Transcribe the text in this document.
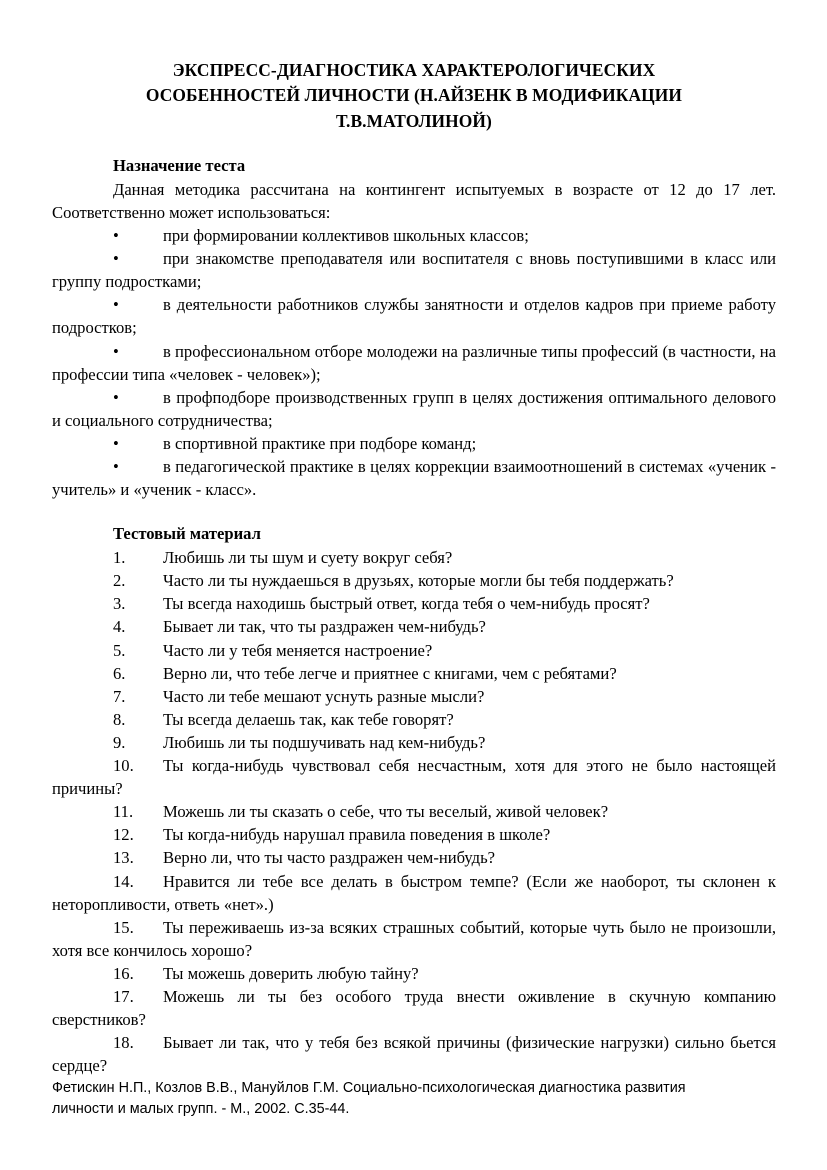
ЭКСПРЕСС-ДИАГНОСТИКА ХАРАКТЕРОЛОГИЧЕСКИХ
ОСОБЕННОСТЕЙ ЛИЧНОСТИ (Н.АЙЗЕНК В МОДИФИКАЦИИ
Т.В.МАТОЛИНОЙ)
Назначение теста

Данная методика рассчитана на контингент испытуемых в возрасте от 12 до 17 лет. Соответственно может использоваться:

•	при формировании коллективов школьных классов;
•	при знакомстве преподавателя или воспитателя с вновь поступившими в класс или группу подростками;
•	в деятельности работников службы занятности и отделов кадров при приеме работу подростков;
•	в профессиональном отборе молодежи на различные типы профессий (в частности, на профессии типа «человек - человек»);
•	в профподборе производственных групп в целях достижения оптимального делового и социального сотрудничества;
•	в спортивной практике при подборе команд;
•	в педагогической практике в целях коррекции взаимоотношений в системах «ученик - учитель» и «ученик - класс».
Тестовый материал
1. Любишь ли ты шум и суету вокруг себя?
2. Часто ли ты нуждаешься в друзьях, которые могли бы тебя поддержать?
3. Ты всегда находишь быстрый ответ, когда тебя о чем-нибудь просят?
4. Бывает ли так, что ты раздражен чем-нибудь?
5. Часто ли у тебя меняется настроение?
6. Верно ли, что тебе легче и приятнее с книгами, чем с ребятами?
7. Часто ли тебе мешают уснуть разные мысли?
8. Ты всегда делаешь так, как тебе говорят?
9. Любишь ли ты подшучивать над кем-нибудь?
10. Ты когда-нибудь чувствовал себя несчастным, хотя для этого не было настоящей причины?
11. Можешь ли ты сказать о себе, что ты веселый, живой человек?
12. Ты когда-нибудь нарушал правила поведения в школе?
13. Верно ли, что ты часто раздражен чем-нибудь?
14. Нравится ли тебе все делать в быстром темпе? (Если же наоборот, ты склонен к неторопливости, ответь «нет».)
15. Ты переживаешь из-за всяких страшных событий, которые чуть было не произошли, хотя все кончилось хорошо?
16. Ты можешь доверить любую тайну?
17. Можешь ли ты без особого труда внести оживление в скучную компанию сверстников?
18. Бывает ли так, что у тебя без всякой причины (физические нагрузки) сильно бьется сердце?
Фетискин Н.П., Козлов В.В., Мануйлов Г.М. Социально-психологическая диагностика развития
личности и малых групп. - М., 2002. С.35-44.
